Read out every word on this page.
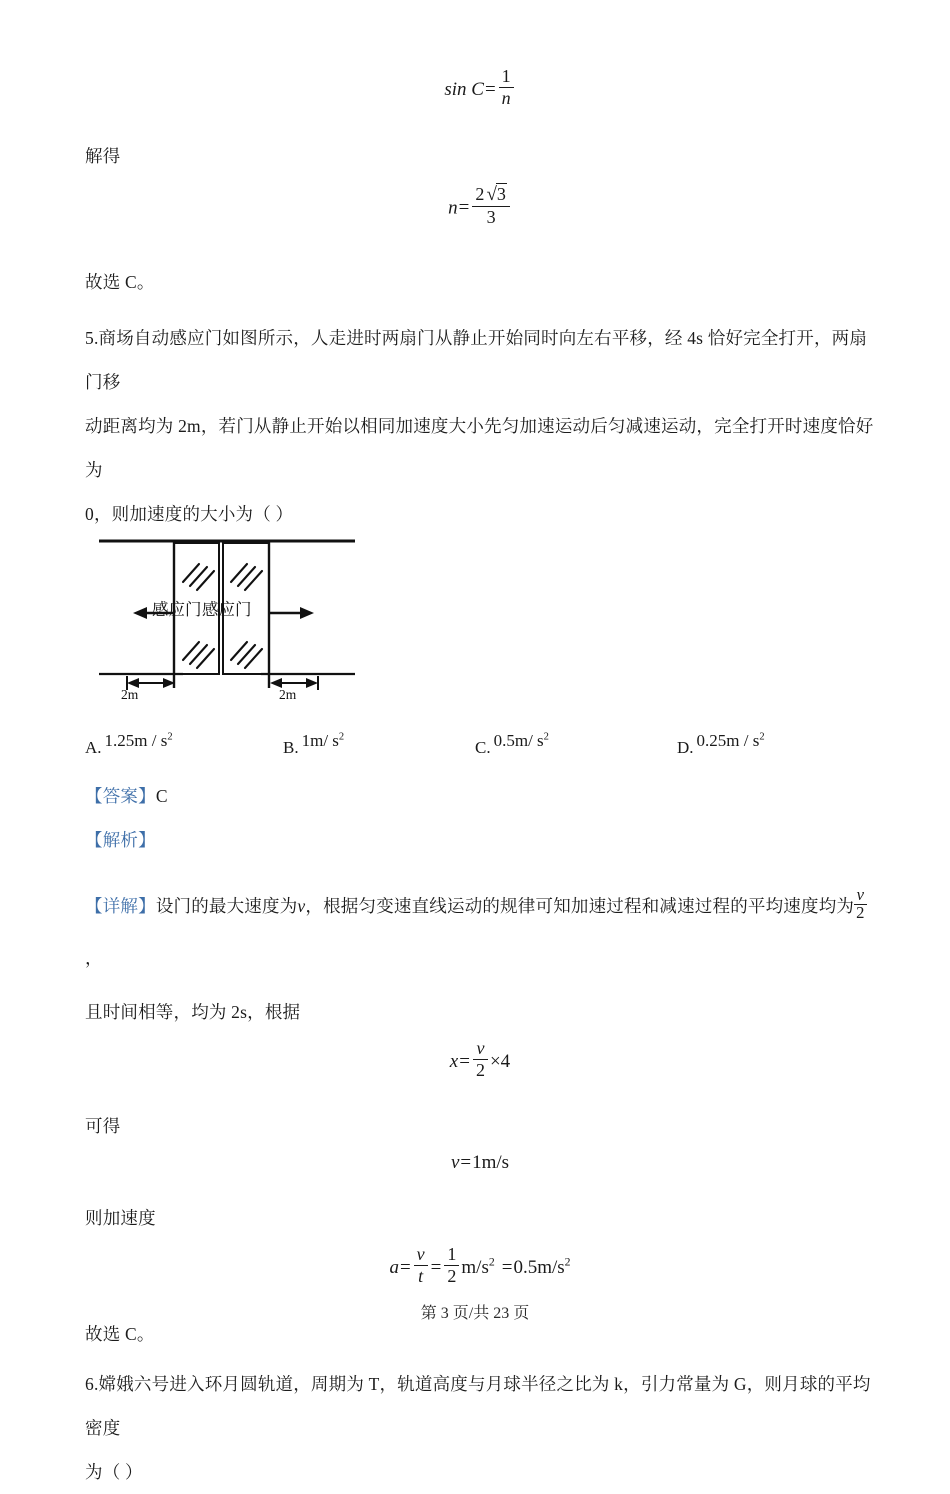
$\sin C= \frac{1}{n}$
解得
$n= \frac{2 √3}{3}$
故选 C。
5.商场自动感应门如图所示，人走进时两扇门从静止开始同时向左右平移，经 4s 恰好完全打开，两扇门移
动距离均为 2m，若门从静止开始以相同加速度大小先匀加速运动后匀减速运动，完全打开时速度恰好为
0，则加速度的大小为（ ）
感应门 感应门
2m	2m
A. $1.25m / s^2$
B. 1m/ $s^2$
C. 0.5m/ $s^2$
D. $0.25m / s^2$
【答案】C
【解析】
【详解】设门的最大速度为v，根据匀变速直线运动的规律可知加速过程和减速过程的平均速度均为 $\frac{v}{2}$
，
且时间相等，均为 2s，根据
$x= \frac{v}{2} \times 4$
可得
v=1m/s
则加速度
$a= \frac{v}{t} = \frac{1}{2} m/s^2 =0.5m/s^2$
故选 C。
6.嫦娥六号进入环月圆轨道，周期为 T，轨道高度与月球半径之比为 k，引力常量为 G，则月球的平均密度
为（ ）
第 3 页/共 23 页
